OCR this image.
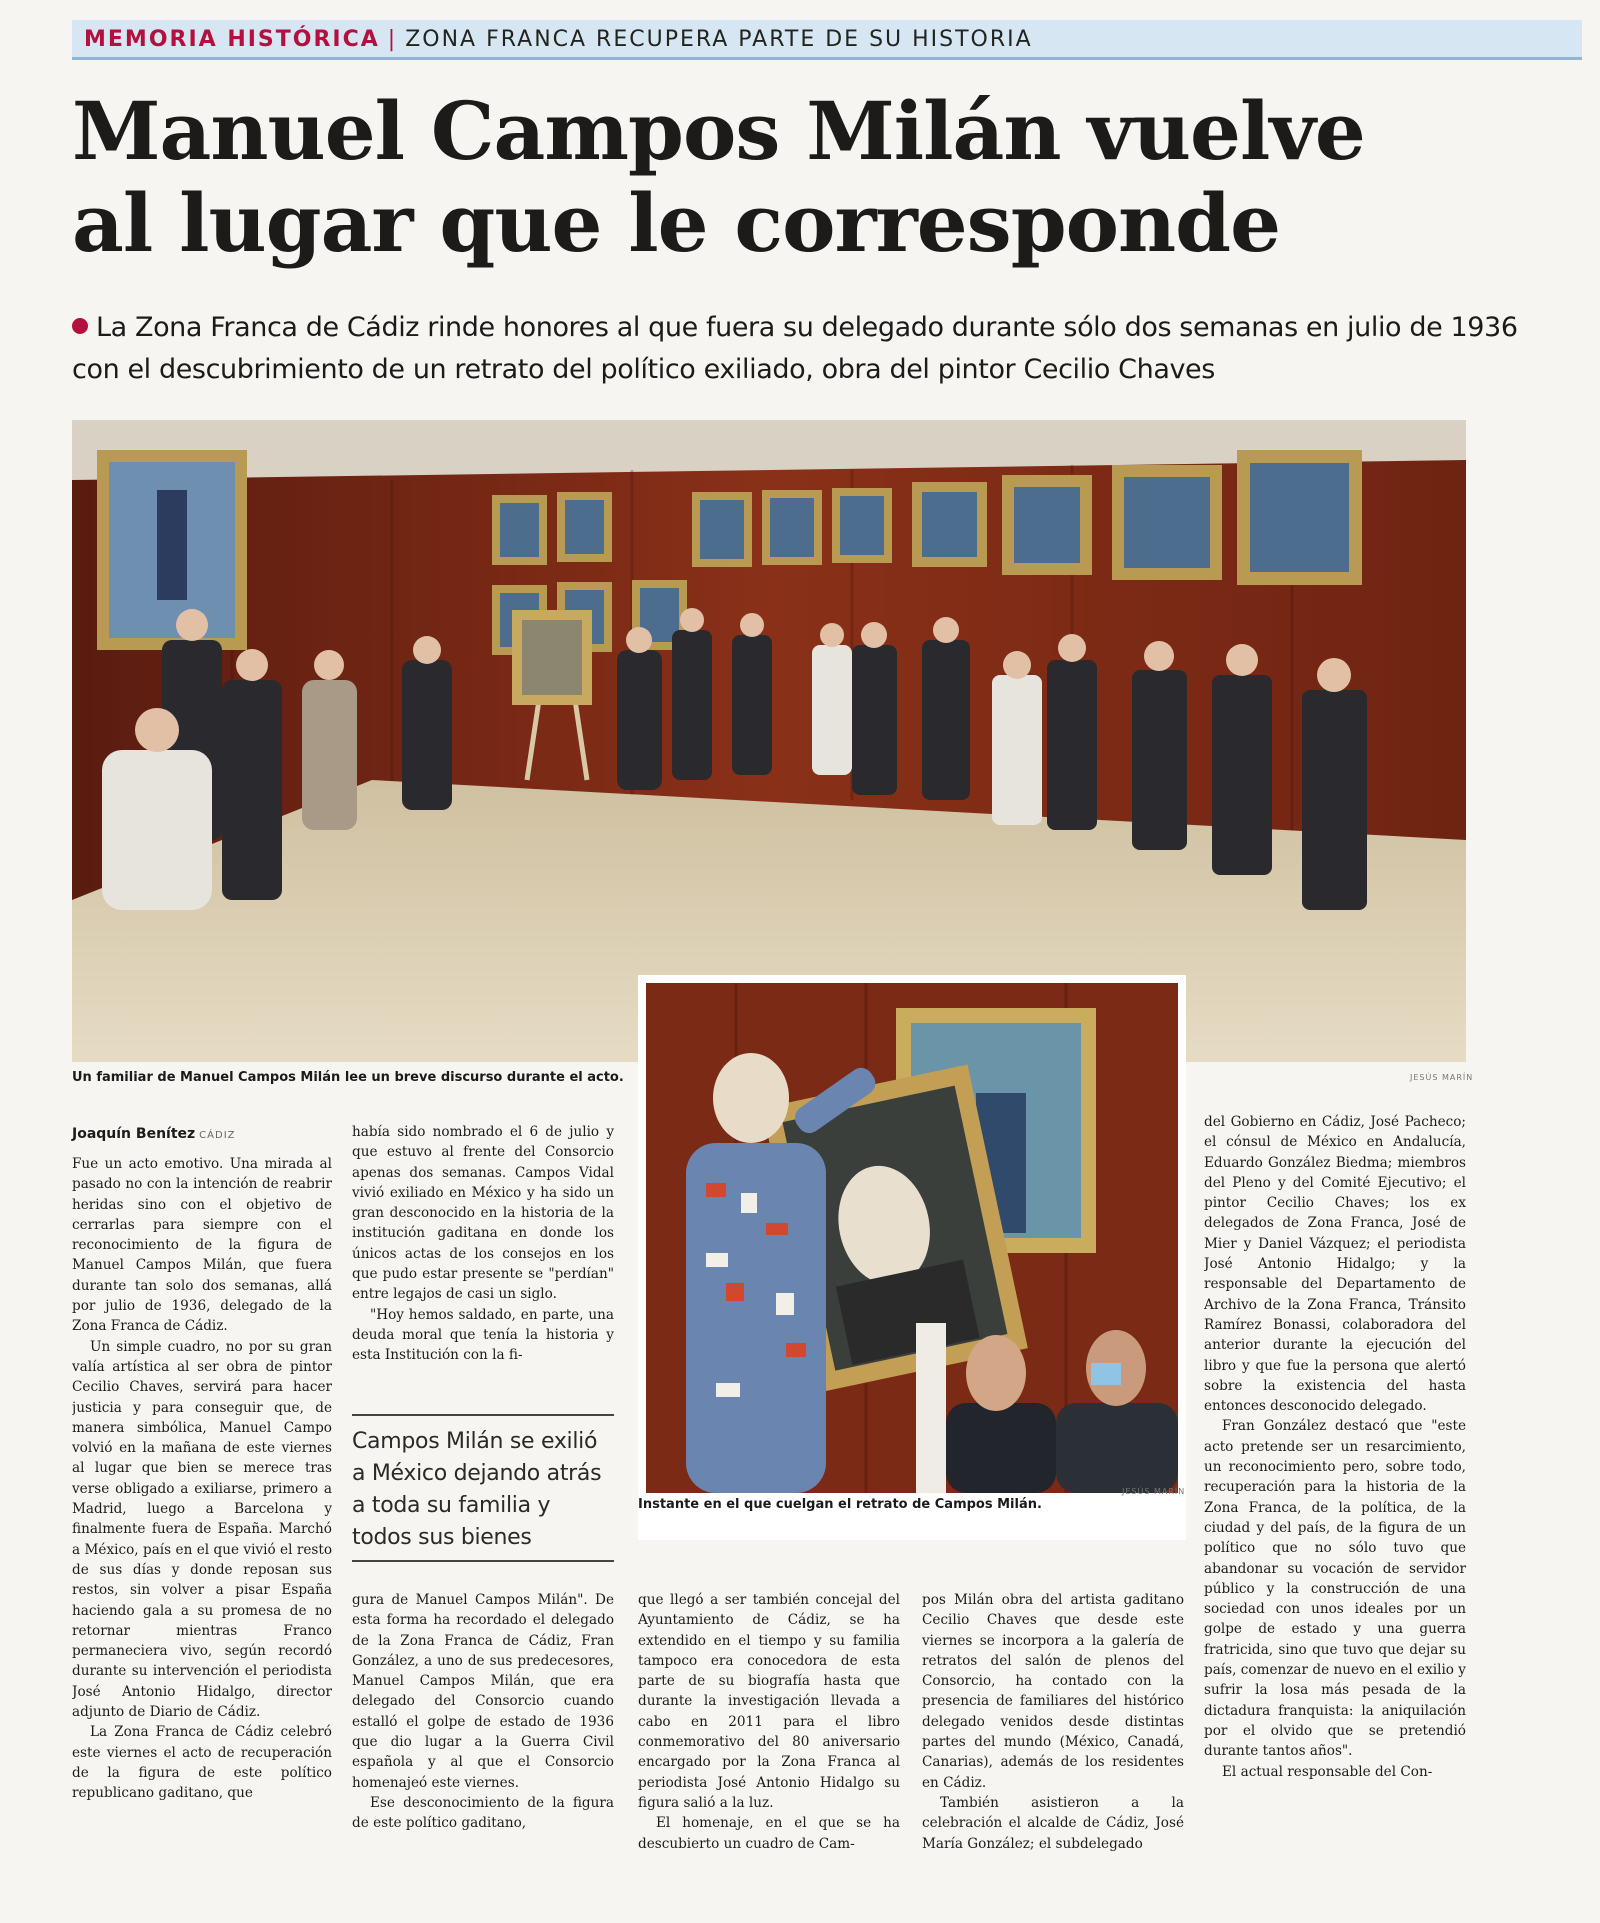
MEMORIA HISTÓRICA | ZONA FRANCA RECUPERA PARTE DE SU HISTORIA
Manuel Campos Milán vuelve
al lugar que le corresponde
La Zona Franca de Cádiz rinde honores al que fuera su delegado durante sólo dos semanas en julio de 1936 con el descubrimiento de un retrato del político exiliado, obra del pintor Cecilio Chaves
Un familiar de Manuel Campos Milán lee un breve discurso durante el acto.	JESÚS MARÍN
Joaquín Benítez CÁDIZ

Fue un acto emotivo. Una mirada al pasado no con la intención de reabrir heridas sino con el objetivo de cerrarlas para siempre con el reconocimiento de la figura de Manuel Campos Milán, que fuera durante tan solo dos semanas, allá por julio de 1936, delegado de la Zona Franca de Cádiz.

Un simple cuadro, no por su gran valía artística al ser obra de pintor Cecilio Chaves, servirá para hacer justicia y para conseguir que, de manera simbólica, Manuel Campo volvió en la mañana de este viernes al lugar que bien se merece tras verse obligado a exiliarse, primero a Madrid, luego a Barcelona y finalmente fuera de España. Marchó a México, país en el que vivió el resto de sus días y donde reposan sus restos, sin volver a pisar España haciendo gala a su promesa de no retornar mientras Franco permaneciera vivo, según recordó durante su intervención el periodista José Antonio Hidalgo, director adjunto de Diario de Cádiz.

La Zona Franca de Cádiz celebró este viernes el acto de recuperación de la figura de este político republicano gaditano, que

había sido nombrado el 6 de julio y que estuvo al frente del Consorcio apenas dos semanas. Campos Vidal vivió exiliado en México y ha sido un gran desconocido en la historia de la institución gaditana en donde los únicos actas de los consejos en los que pudo estar presente se "perdían" entre legajos de casi un siglo.

"Hoy hemos saldado, en parte, una deuda moral que tenía la historia y esta Institución con la fi-

Campos Milán se exilió a México dejando atrás a toda su familia y todos sus bienes
Instante en el que cuelgan el retrato de Campos Milán.
JESÚS MARÍN

gura de Manuel Campos Milán". De esta forma ha recordado el delegado de la Zona Franca de Cádiz, Fran González, a uno de sus predecesores, Manuel Campos Milán, que era delegado del Consorcio cuando estalló el golpe de estado de 1936 que dio lugar a la Guerra Civil española y al que el Consorcio homenajeó este viernes.

Ese desconocimiento de la figura de este político gaditano,

que llegó a ser también concejal del Ayuntamiento de Cádiz, se ha extendido en el tiempo y su familia tampoco era conocedora de esta parte de su biografía hasta que durante la investigación llevada a cabo en 2011 para el libro conmemorativo del 80 aniversario encargado por la Zona Franca al periodista José Antonio Hidalgo su figura salió a la luz.

El homenaje, en el que se ha descubierto un cuadro de Cam-

pos Milán obra del artista gaditano Cecilio Chaves que desde este viernes se incorpora a la galería de retratos del salón de plenos del Consorcio, ha contado con la presencia de familiares del histórico delegado venidos desde distintas partes del mundo (México, Canadá, Canarias), además de los residentes en Cádiz.

También asistieron a la celebración el alcalde de Cádiz, José María González; el subdelegado

del Gobierno en Cádiz, José Pacheco; el cónsul de México en Andalucía, Eduardo González Biedma; miembros del Pleno y del Comité Ejecutivo; el pintor Cecilio Chaves; los ex delegados de Zona Franca, José de Mier y Daniel Vázquez; el periodista José Antonio Hidalgo; y la responsable del Departamento de Archivo de la Zona Franca, Tránsito Ramírez Bonassi, colaboradora del anterior durante la ejecución del libro y que fue la persona que alertó sobre la existencia del hasta entonces desconocido delegado.

Fran González destacó que "este acto pretende ser un resarcimiento, un reconocimiento pero, sobre todo, recuperación para la historia de la Zona Franca, de la política, de la ciudad y del país, de la figura de un político que no sólo tuvo que abandonar su vocación de servidor público y la construcción de una sociedad con unos ideales por un golpe de estado y una guerra fratricida, sino que tuvo que dejar su país, comenzar de nuevo en el exilio y sufrir la losa más pesada de la dictadura franquista: la aniquilación por el olvido que se pretendió durante tantos años".

El actual responsable del Con-
